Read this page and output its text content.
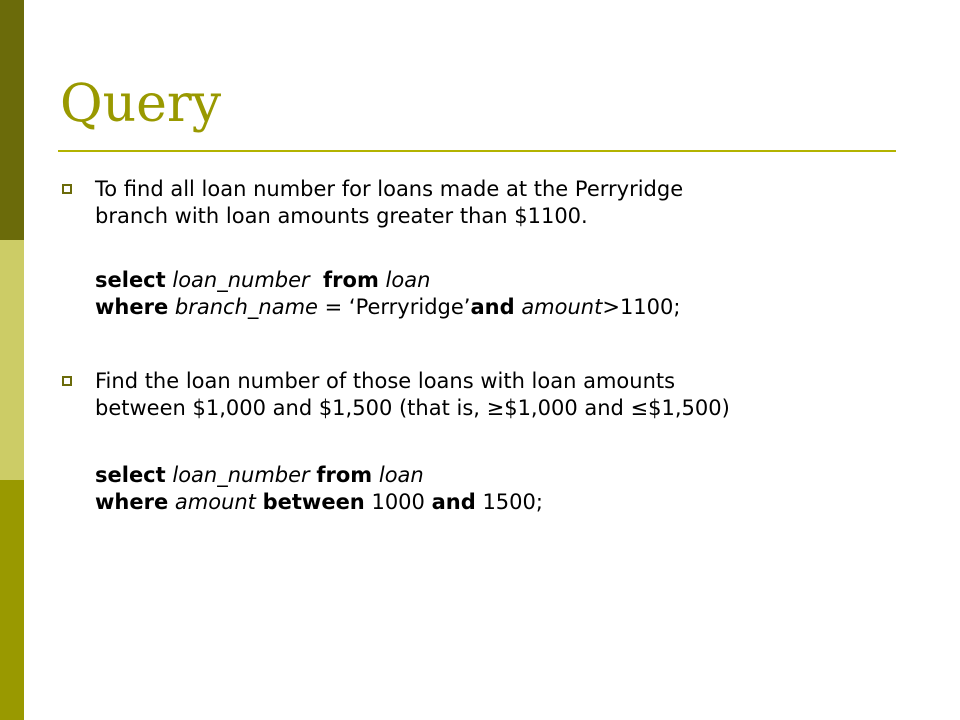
Query
To find all loan number for loans made at the Perryridge
branch with loan amounts greater than $1100.
select loan_number from loan
where branch_name = ‘Perryridge’and amount>1100;
Find the loan number of those loans with loan amounts
between $1,000 and $1,500 (that is, ≥$1,000 and ≤$1,500)
select loan_number from loan
where amount between 1000 and 1500;
